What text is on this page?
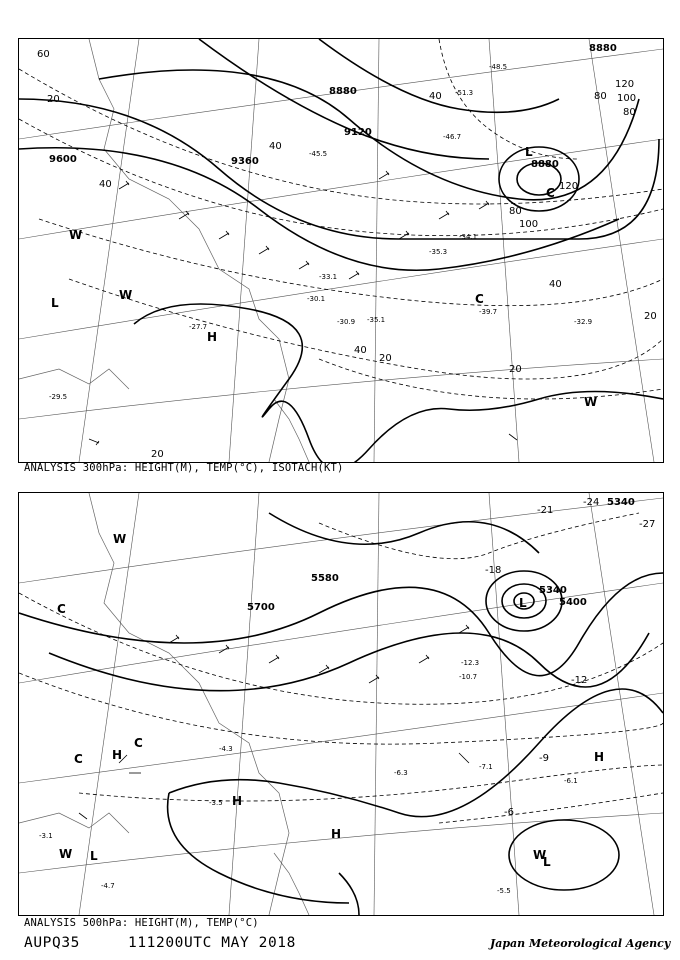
9600	9360
9120
8880
8880
8880
20
40
40
80
120
100
80
40
20
40
20
20
120
100
80
40
60
20
-35.3
-34.1
-30.9
-29.5
-27.7
-33.1
-30.1
-32.9
-45.5
-46.7
-51.3
-48.5
-39.7
-35.1
L
H
L
C
W
W
W
C
ANALYSIS 300hPa: HEIGHT(M), TEMP(°C), ISOTACH(KT)
5700
5580
5340
5340
5400
-12
-9
-6
-21
-18
-24
-27
-7.1
-6.1
-5.5
-4.7
-3.5
-3.1
-4.3
-6.3
-10.7
-12.3
L
L
L
H
H
H
H
C
C
C
W
W
W
ANALYSIS 500hPa: HEIGHT(M), TEMP(°C)
AUPQ35	111200UTC MAY 2018	Japan Meteorological Agency
